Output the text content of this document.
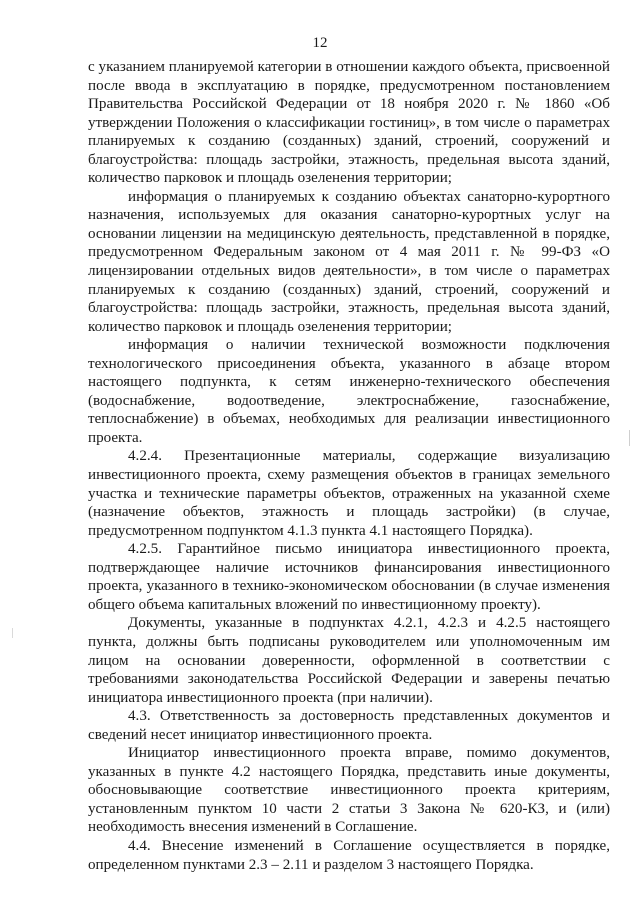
12

с указанием планируемой категории в отношении каждого объекта, присвоенной после ввода в эксплуатацию в порядке, предусмотренном постановлением Правительства Российской Федерации от 18 ноября 2020 г. № 1860 «Об утверждении Положения о классификации гостиниц», в том числе о параметрах планируемых к созданию (созданных) зданий, строений, сооружений и благоустройства: площадь застройки, этажность, предельная высота зданий, количество парковок и площадь озеленения территории;

информация о планируемых к созданию объектах санаторно-курортного назначения, используемых для оказания санаторно-курортных услуг на основании лицензии на медицинскую деятельность, представленной в порядке, предусмотренном Федеральным законом от 4 мая 2011 г. № 99-ФЗ «О лицензировании отдельных видов деятельности», в том числе о параметрах планируемых к созданию (созданных) зданий, строений, сооружений и благоустройства: площадь застройки, этажность, предельная высота зданий, количество парковок и площадь озеленения территории;

информация о наличии технической возможности подключения технологического присоединения объекта, указанного в абзаце втором настоящего подпункта, к сетям инженерно-технического обеспечения (водоснабжение, водоотведение, электроснабжение, газоснабжение, теплоснабжение) в объемах, необходимых для реализации инвестиционного проекта.

4.2.4. Презентационные материалы, содержащие визуализацию инвестиционного проекта, схему размещения объектов в границах земельного участка и технические параметры объектов, отраженных на указанной схеме (назначение объектов, этажность и площадь застройки) (в случае, предусмотренном подпунктом 4.1.3 пункта 4.1 настоящего Порядка).

4.2.5. Гарантийное письмо инициатора инвестиционного проекта, подтверждающее наличие источников финансирования инвестиционного проекта, указанного в технико-экономическом обосновании (в случае изменения общего объема капитальных вложений по инвестиционному проекту).

Документы, указанные в подпунктах 4.2.1, 4.2.3 и 4.2.5 настоящего пункта, должны быть подписаны руководителем или уполномоченным им лицом на основании доверенности, оформленной в соответствии с требованиями законодательства Российской Федерации и заверены печатью инициатора инвестиционного проекта (при наличии).

4.3. Ответственность за достоверность представленных документов и сведений несет инициатор инвестиционного проекта.

Инициатор инвестиционного проекта вправе, помимо документов, указанных в пункте 4.2 настоящего Порядка, представить иные документы, обосновывающие соответствие инвестиционного проекта критериям, установленным пунктом 10 части 2 статьи 3 Закона № 620-КЗ, и (или) необходимость внесения изменений в Соглашение.

4.4. Внесение изменений в Соглашение осуществляется в порядке, определенном пунктами 2.3 – 2.11 и разделом 3 настоящего Порядка.
